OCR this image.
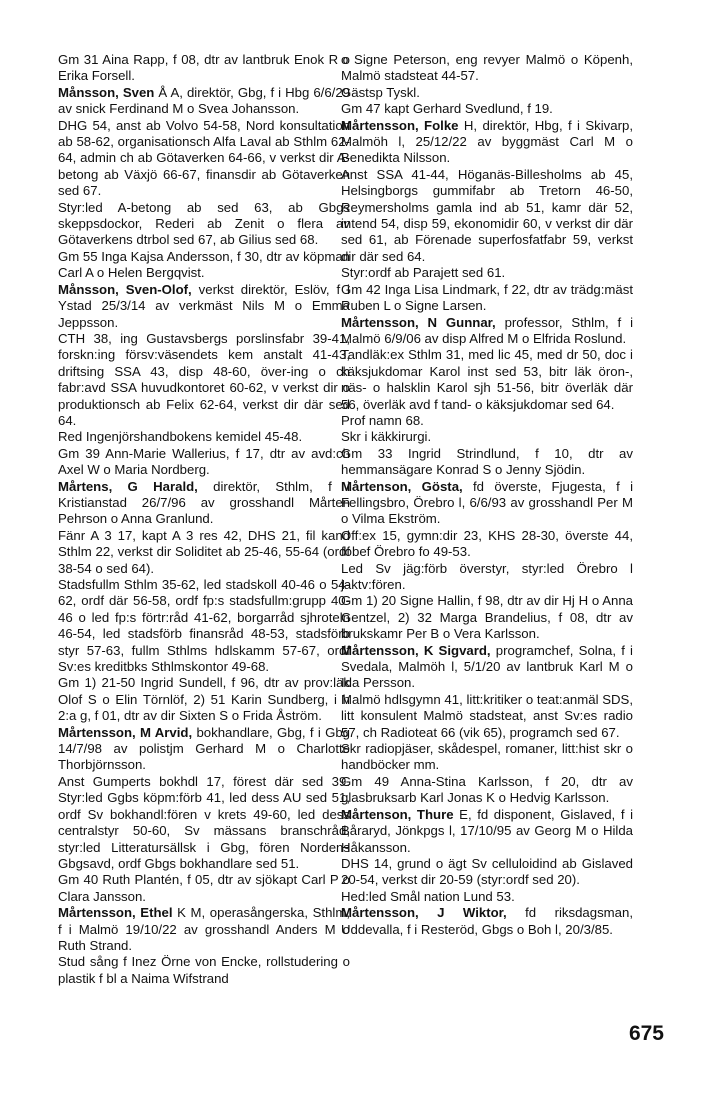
Gm 31 Aina Rapp, f 08, dtr av lantbruk Enok R o Erika Forsell.

Månsson, Sven Å A, direktör, Gbg, f i Hbg 6/6/29 av snick Ferdinand M o Svea Johansson.

DHG 54, anst ab Volvo 54-58, Nord konsultation ab 58-62, organisationsch Alfa Laval ab Sthlm 62-64, admin ch ab Götaverken 64-66, v verkst dir A-betong ab Växjö 66-67, finansdir ab Götaverken sed 67.

Styr:led A-betong ab sed 63, ab Gbgs skeppsdockor, Rederi ab Zenit o flera av Götaverkens dtrbol sed 67, ab Gilius sed 68.

Gm 55 Inga Kajsa Andersson, f 30, dtr av köpman Carl A o Helen Bergqvist.

Månsson, Sven-Olof, verkst direktör, Eslöv, f i Ystad 25/3/14 av verkmäst Nils M o Emma Jeppsson.

CTH 38, ing Gustavsbergs porslinsfabr 39-41, forskn:ing försv:väsendets kem anstalt 41-43, driftsing SSA 43, disp 48-60, över-ing o ch fabr:avd SSA huvudkontoret 60-62, v verkst dir o produktionsch ab Felix 62-64, verkst dir där sed 64.

Red Ingenjörshandbokens kemidel 45-48.

Gm 39 Ann-Marie Wallerius, f 17, dtr av avd:ch Axel W o Maria Nordberg.

Mårtens, G Harald, direktör, Sthlm, f i Kristianstad 26/7/96 av grosshandl Mårten Pehrson o Anna Granlund.

Fänr A 3 17, kapt A 3 res 42, DHS 21, fil kand Sthlm 22, verkst dir Soliditet ab 25-46, 55-64 (ordf 38-54 o sed 64).

Stadsfullm Sthlm 35-62, led stadskoll 40-46 o 54-62, ordf där 56-58, ordf fp:s stadsfullm:grupp 40-46 o led fp:s förtr:råd 41-62, borgarråd sjhroteln 46-54, led stadsförb finansråd 48-53, stadsförb styr 57-63, fullm Sthlms hdlskamm 57-67, ordf Sv:es kreditbks Sthlmskontor 49-68.

Gm 1) 21-50 Ingrid Sundell, f 96, dtr av prov:läk Olof S o Elin Törnlöf, 2) 51 Karin Sundberg, i h 2:a g, f 01, dtr av dir Sixten S o Frida Åström.

Mårtensson, M Arvid, bokhandlare, Gbg, f i Gbg 14/7/98 av polistjm Gerhard M o Charlotte Thorbjörnsson.

Anst Gumperts bokhdl 17, förest där sed 39. Styr:led Ggbs köpm:förb 41, led dess AU sed 51, ordf Sv bokhandl:fören v krets 49-60, led dess centralstyr 50-60, Sv mässans branschråd, styr:led Litteratursällsk i Gbg, fören Nordens Gbgsavd, ordf Gbgs bokhandlare sed 51.

Gm 40 Ruth Plantén, f 05, dtr av sjökapt Carl P o Clara Jansson.

Mårtensson, Ethel K M, operasångerska, Sthlm, f i Malmö 19/10/22 av grosshandl Anders M o Ruth Strand.

Stud sång f Inez Örne von Encke, rollstudering o plastik f bl a Naima Wifstrand

o Signe Peterson, eng revyer Malmö o Köpenh, Malmö stadsteat 44-57.

Gästsp Tyskl.

Gm 47 kapt Gerhard Svedlund, f 19.

Mårtensson, Folke H, direktör, Hbg, f i Skivarp, Malmöh l, 25/12/22 av byggmäst Carl M o Benedikta Nilsson.

Anst SSA 41-44, Höganäs-Billesholms ab 45, Helsingborgs gummifabr ab Tretorn 46-50, Reymersholms gamla ind ab 51, kamr där 52, intend 54, disp 59, ekonomidir 60, v verkst dir där sed 61, ab Förenade superfosfatfabr 59, verkst dir där sed 64.

Styr:ordf ab Parajett sed 61.

Gm 42 Inga Lisa Lindmark, f 22, dtr av trädg:mäst Ruben L o Signe Larsen.

Mårtensson, N Gunnar, professor, Sthlm, f i Malmö 6/9/06 av disp Alfred M o Elfrida Roslund.

Tandläk:ex Sthlm 31, med lic 45, med dr 50, doc i käksjukdomar Karol inst sed 53, bitr läk öron-, näs- o halsklin Karol sjh 51-56, bitr överläk där 56, överläk avd f tand- o käksjukdomar sed 64.

Prof namn 68.

Skr i käkkirurgi.

Gm 33 Ingrid Strindlund, f 10, dtr av hemmansägare Konrad S o Jenny Sjödin.

Mårtenson, Gösta, fd överste, Fjugesta, f i Fellingsbro, Örebro l, 6/6/93 av grosshandl Per M o Vilma Ekström.

Off:ex 15, gymn:dir 23, KHS 28-30, överste 44, fobef Örebro fo 49-53.

Led Sv jäg:förb överstyr, styr:led Örebro l jaktv:fören.

Gm 1) 20 Signe Hallin, f 98, dtr av dir Hj H o Anna Gentzel, 2) 32 Marga Brandelius, f 08, dtr av brukskamr Per B o Vera Karlsson.

Mårtensson, K Sigvard, programchef, Solna, f i Svedala, Malmöh l, 5/1/20 av lantbruk Karl M o Ida Persson.

Malmö hdlsgymn 41, litt:kritiker o teat:anmäl SDS, litt konsulent Malmö stadsteat, anst Sv:es radio 57, ch Radioteat 66 (vik 65), programch sed 67.

Skr radiopjäser, skådespel, romaner, litt:hist skr o handböcker mm.

Gm 49 Anna-Stina Karlsson, f 20, dtr av glasbruksarb Karl Jonas K o Hedvig Karlsson.

Mårtenson, Thure E, fd disponent, Gislaved, f i Båraryd, Jönkpgs l, 17/10/95 av Georg M o Hilda Håkansson.

DHS 14, grund o ägt Sv celluloidind ab Gislaved 20-54, verkst dir 20-59 (styr:ordf sed 20).

Hed:led Smål nation Lund 53.

Mårtensson, J Wiktor, fd riksdagsman, Uddevalla, f i Resteröd, Gbgs o Boh l, 20/3/85.

675
